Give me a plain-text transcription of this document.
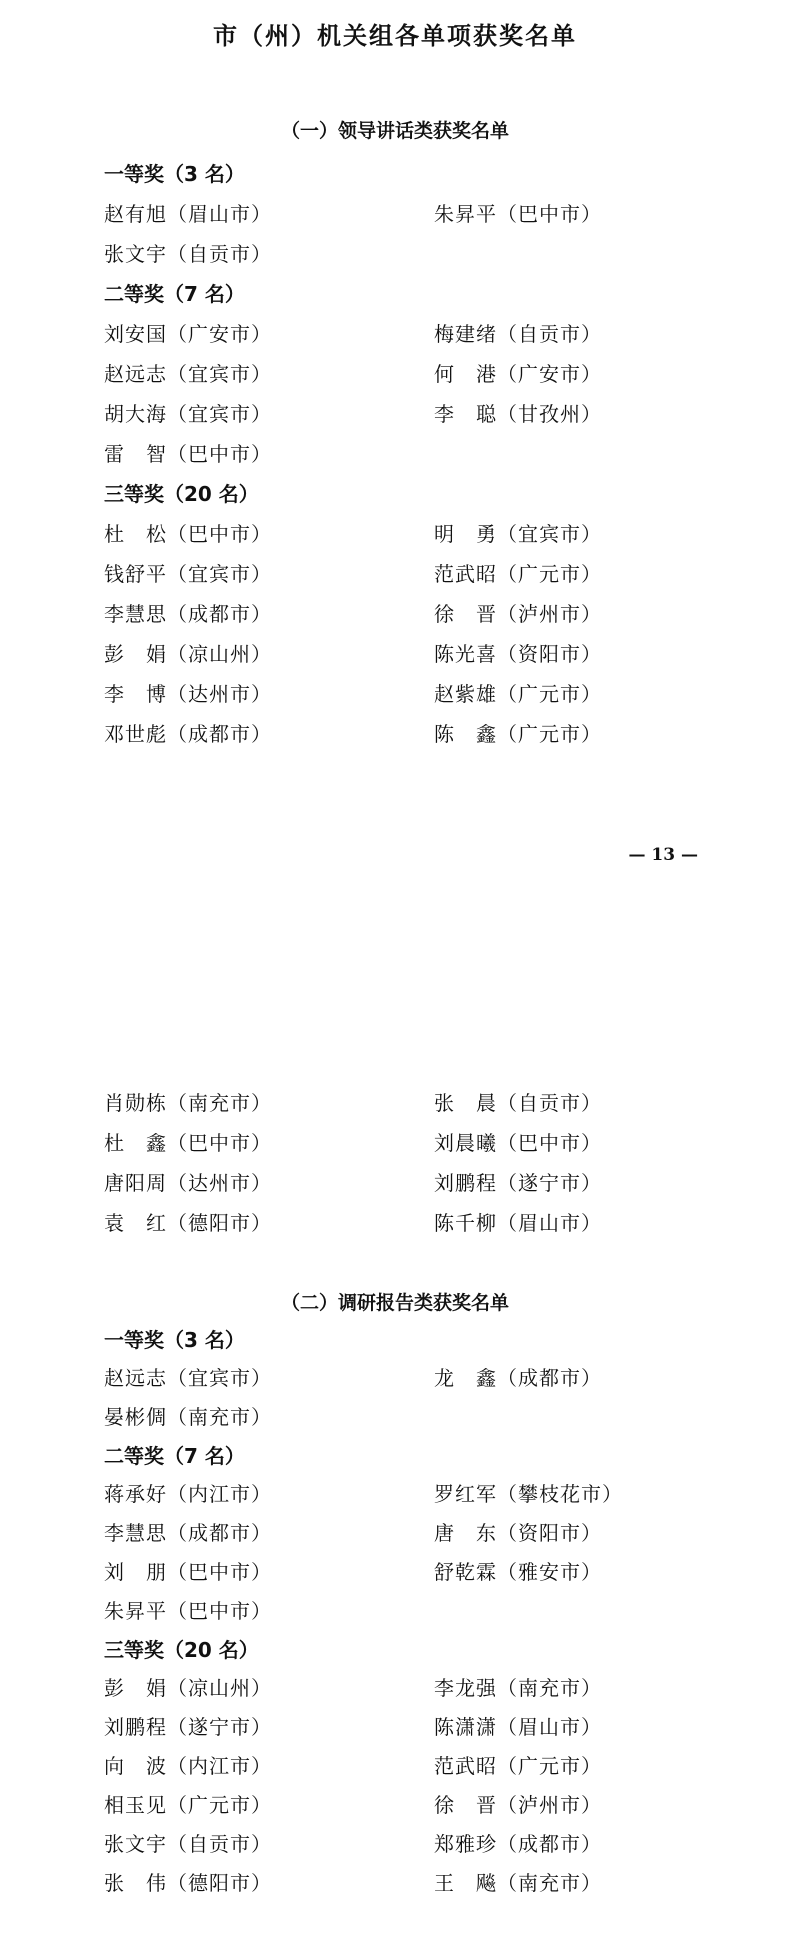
市（州）机关组各单项获奖名单
（一）领导讲话类获奖名单
一等奖（3 名）
赵有旭（眉山市）	朱昇平（巴中市）
张文宇（自贡市）
二等奖（7 名）
刘安国（广安市）	梅建绪（自贡市）
赵远志（宜宾市）	何　港（广安市）
胡大海（宜宾市）	李　聪（甘孜州）
雷　智（巴中市）
三等奖（20 名）
杜　松（巴中市）	明　勇（宜宾市）
钱舒平（宜宾市）	范武昭（广元市）
李慧思（成都市）	徐　晋（泸州市）
彭　娟（凉山州）	陈光喜（资阳市）
李　博（达州市）	赵紫雄（广元市）
邓世彪（成都市）	陈　鑫（广元市）
— 13 —
肖勋栋（南充市）	张　晨（自贡市）
杜　鑫（巴中市）	刘晨曦（巴中市）
唐阳周（达州市）	刘鹏程（遂宁市）
袁　红（德阳市）	陈千柳（眉山市）
（二）调研报告类获奖名单
一等奖（3 名）
赵远志（宜宾市）	龙　鑫（成都市）
晏彬倜（南充市）
二等奖（7 名）
蒋承好（内江市）	罗红军（攀枝花市）
李慧思（成都市）	唐　东（资阳市）
刘　朋（巴中市）	舒乾霖（雅安市）
朱昇平（巴中市）
三等奖（20 名）
彭　娟（凉山州）	李龙强（南充市）
刘鹏程（遂宁市）	陈潇潇（眉山市）
向　波（内江市）	范武昭（广元市）
相玉见（广元市）	徐　晋（泸州市）
张文宇（自贡市）	郑雅珍（成都市）
张　伟（德阳市）	王　飚（南充市）
